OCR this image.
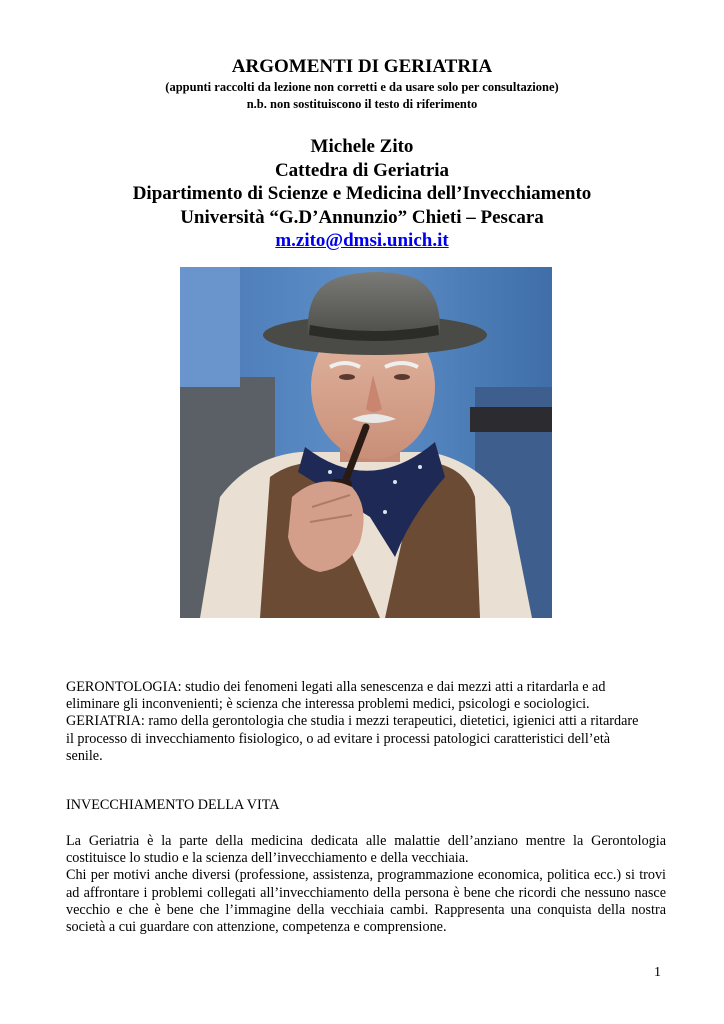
ARGOMENTI DI GERIATRIA
(appunti raccolti da lezione non corretti e da usare solo per consultazione)
n.b. non sostituiscono il testo di riferimento
Michele Zito
Cattedra di Geriatria
Dipartimento di Scienze e Medicina dell’Invecchiamento
Università “G.D’Annunzio” Chieti – Pescara
m.zito@dmsi.unich.it
GERONTOLOGIA: studio dei fenomeni legati alla senescenza e dai mezzi atti a ritardarla e ad
eliminare gli inconvenienti; è scienza che interessa problemi medici, psicologi e sociologici.
GERIATRIA: ramo della gerontologia che studia i mezzi terapeutici, dietetici, igienici atti a ritardare
il processo di invecchiamento fisiologico, o ad evitare i processi patologici caratteristici dell’età
senile.
INVECCHIAMENTO DELLA VITA
La Geriatria è la parte della medicina dedicata alle malattie dell’anziano mentre la Gerontologia costituisce lo studio e la scienza dell’invecchiamento e della vecchiaia.
Chi per motivi anche diversi (professione, assistenza, programmazione economica, politica ecc.) si trovi ad affrontare i problemi collegati all’invecchiamento della persona è bene che ricordi che nessuno nasce vecchio e che è bene che l’immagine della vecchiaia cambi. Rappresenta una conquista della nostra società a cui guardare con attenzione, competenza e comprensione.
1
